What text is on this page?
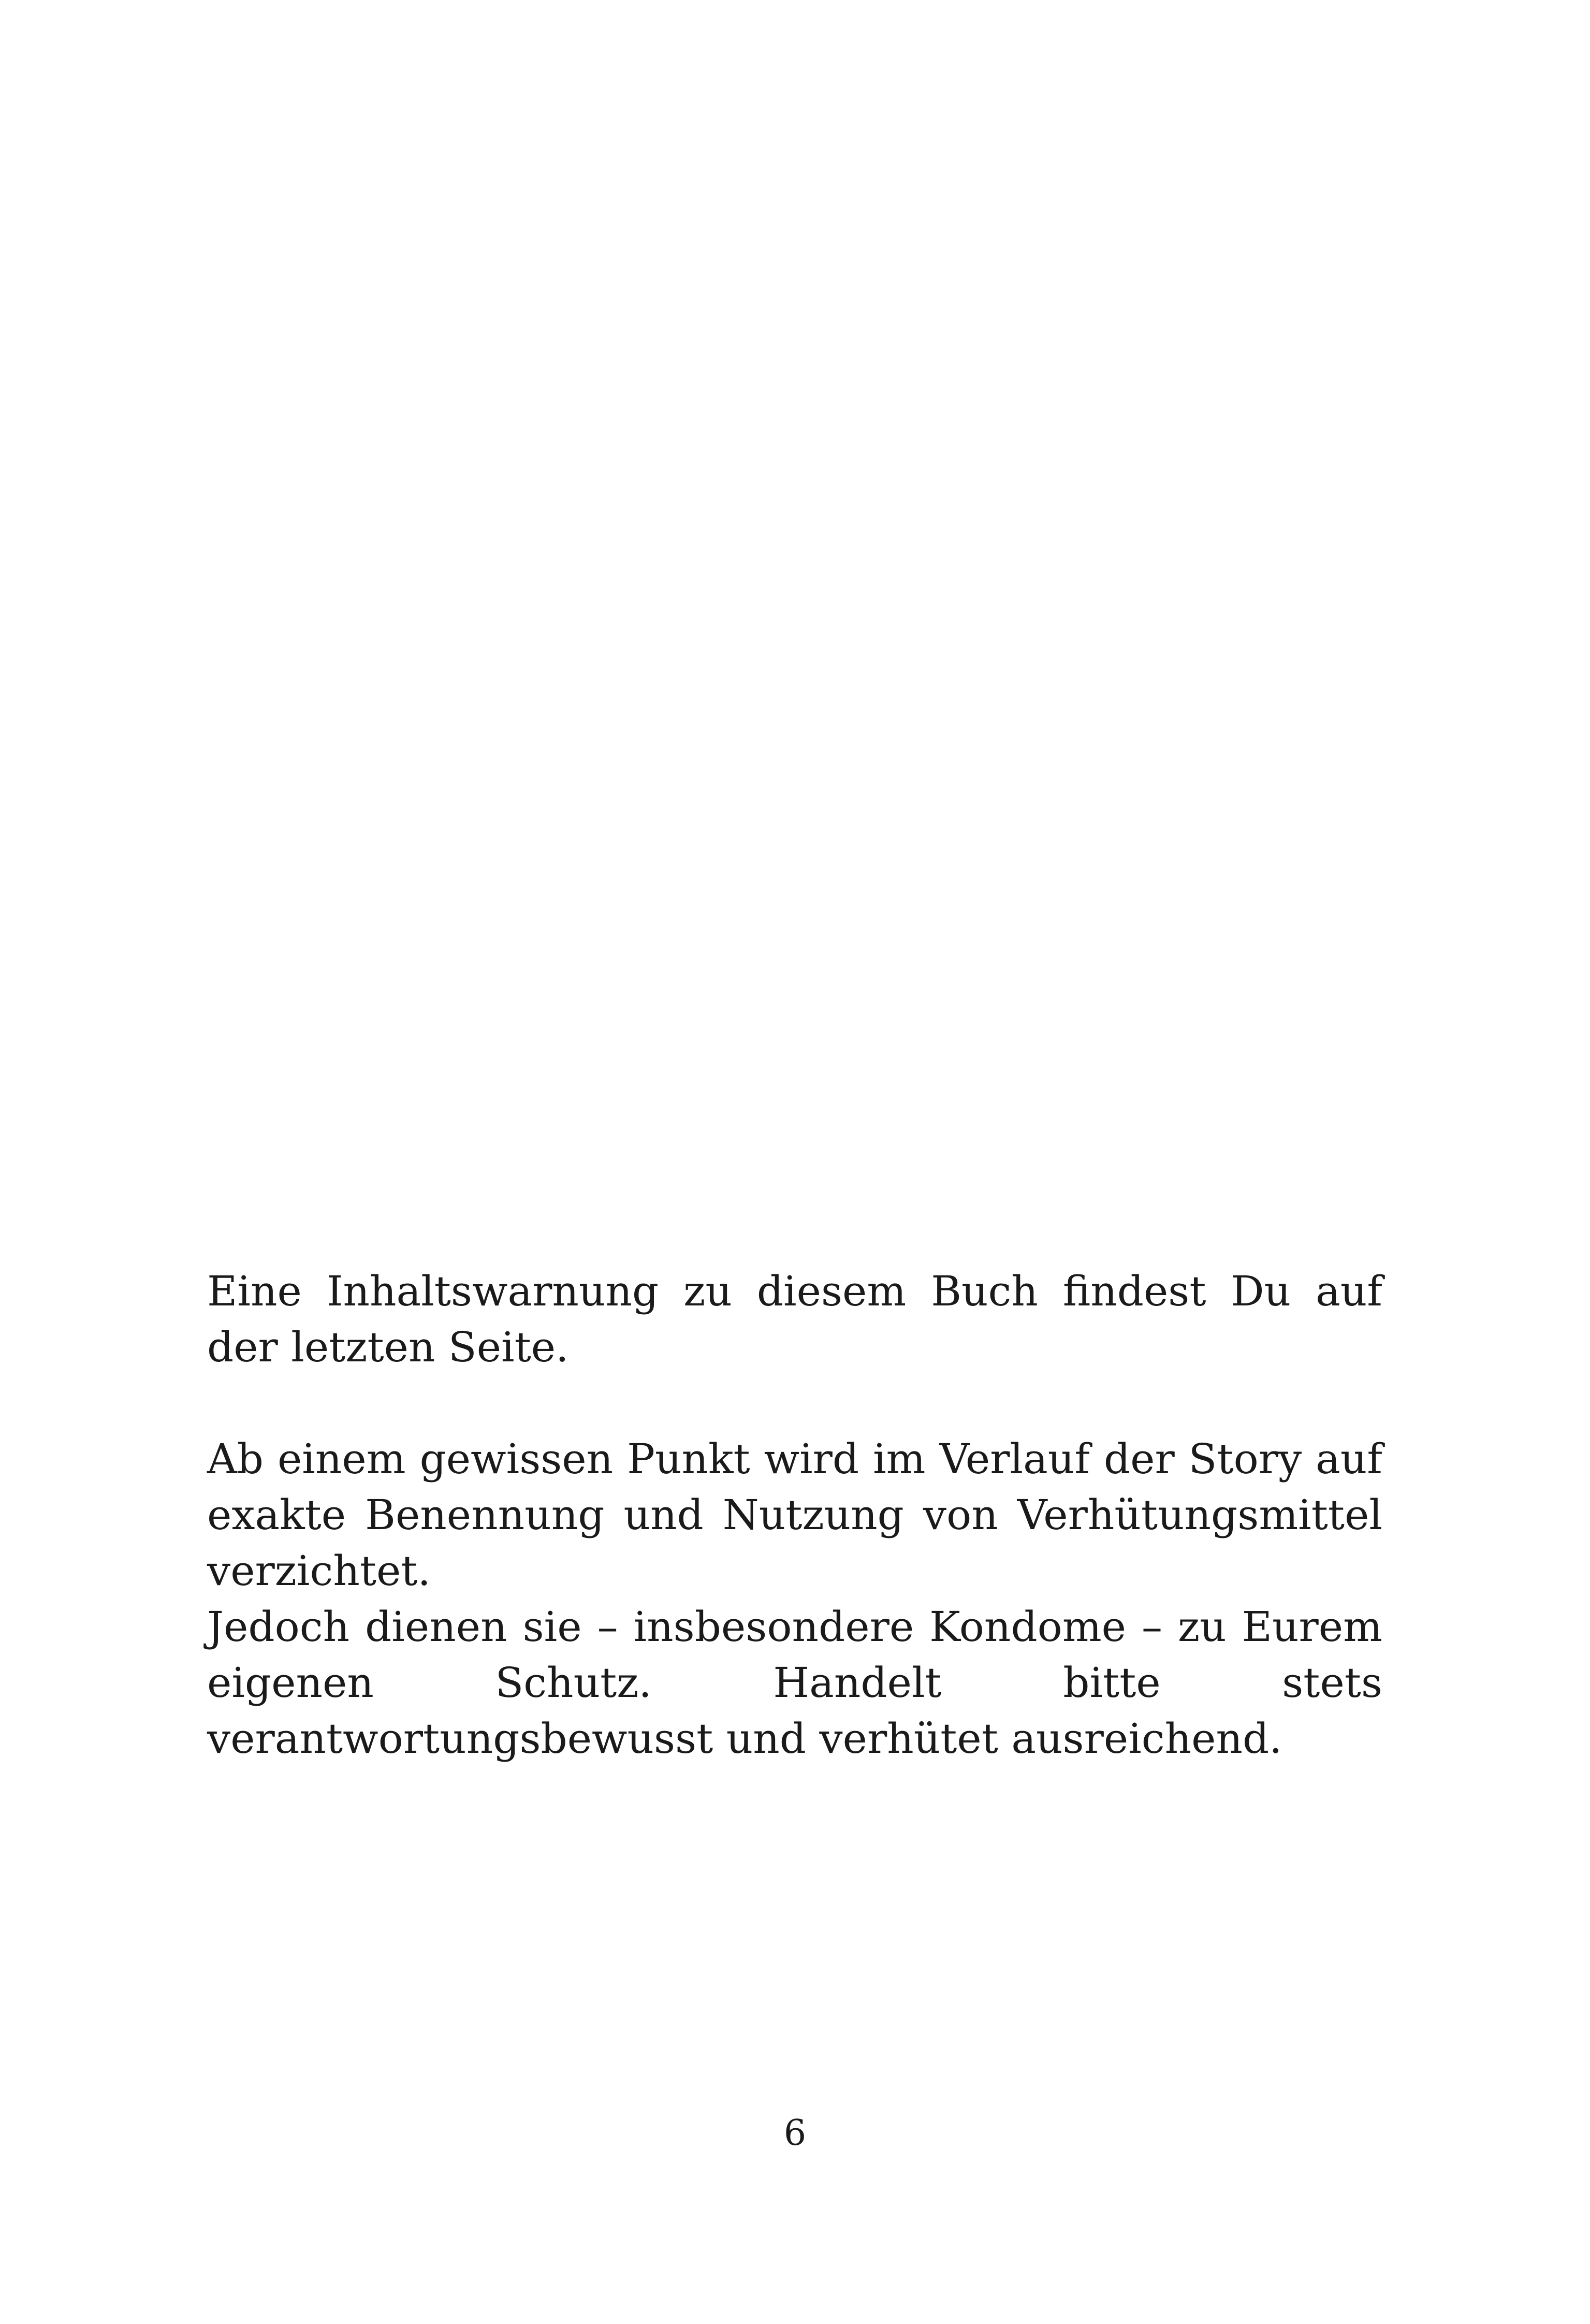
Eine Inhaltswarnung zu diesem Buch findest Du auf der letzten Seite.

Ab einem gewissen Punkt wird im Verlauf der Story auf exakte Benennung und Nutzung von Verhütungsmittel verzichtet.

Jedoch dienen sie – insbesondere Kondome – zu Eurem eigenen Schutz. Handelt bitte stets verantwortungsbewusst und verhütet ausreichend.

6
